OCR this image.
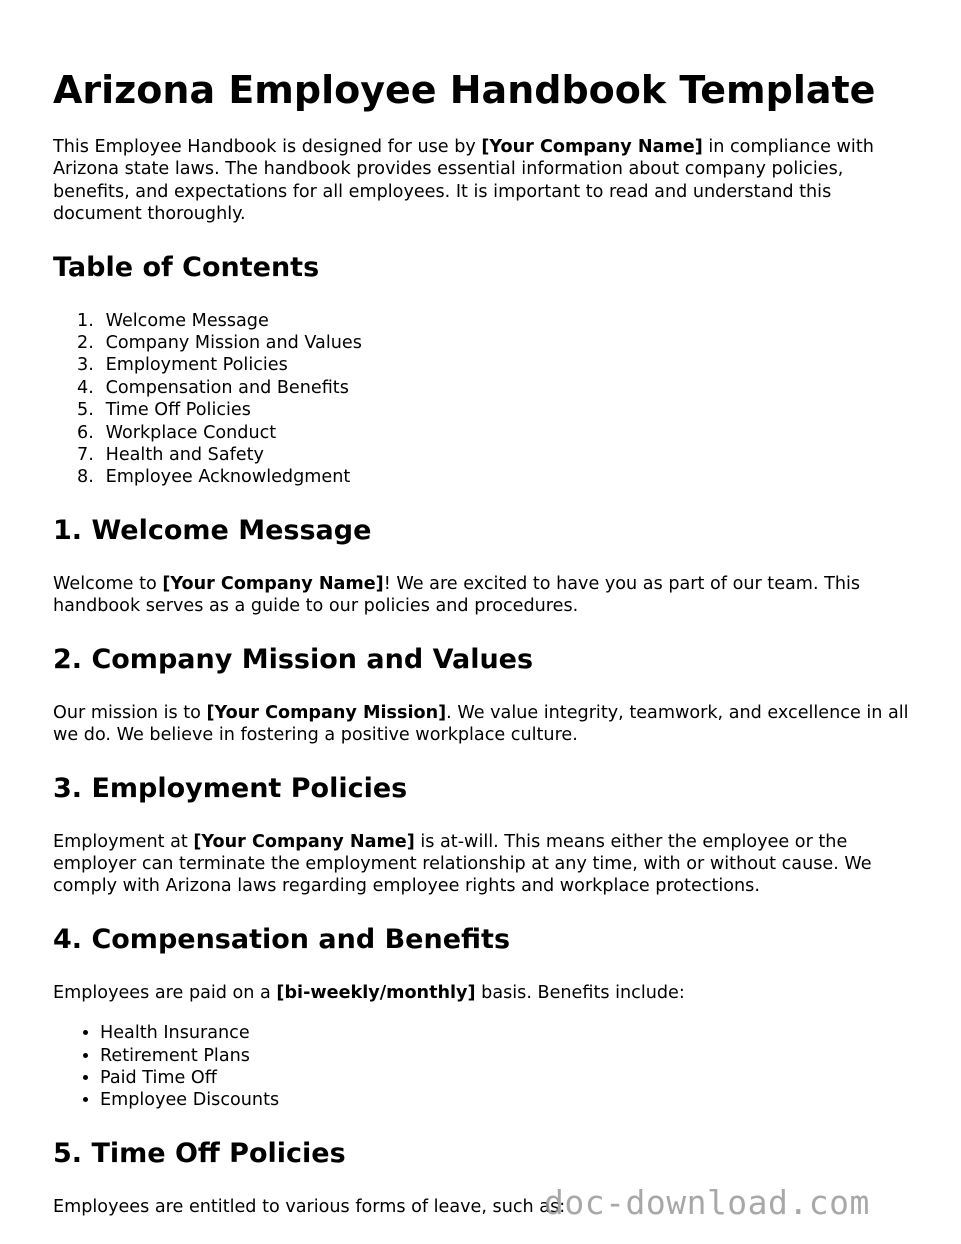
Arizona Employee Handbook Template

This Employee Handbook is designed for use by [Your Company Name] in compliance with Arizona state laws. The handbook provides essential information about company policies, benefits, and expectations for all employees. It is important to read and understand this document thoroughly.

Table of Contents
1. Welcome Message
2. Company Mission and Values
3. Employment Policies
4. Compensation and Benefits
5. Time Off Policies
6. Workplace Conduct
7. Health and Safety
8. Employee Acknowledgment
1. Welcome Message

Welcome to [Your Company Name]! We are excited to have you as part of our team. This handbook serves as a guide to our policies and procedures.

2. Company Mission and Values

Our mission is to [Your Company Mission]. We value integrity, teamwork, and excellence in all we do. We believe in fostering a positive workplace culture.

3. Employment Policies

Employment at [Your Company Name] is at-will. This means either the employee or the employer can terminate the employment relationship at any time, with or without cause. We comply with Arizona laws regarding employee rights and workplace protections.

4. Compensation and Benefits

Employees are paid on a [bi-weekly/monthly] basis. Benefits include:

• Health Insurance
• Retirement Plans
• Paid Time Off
• Employee Discounts
5. Time Off Policies

Employees are entitled to various forms of leave, such as:

doc-download.com
